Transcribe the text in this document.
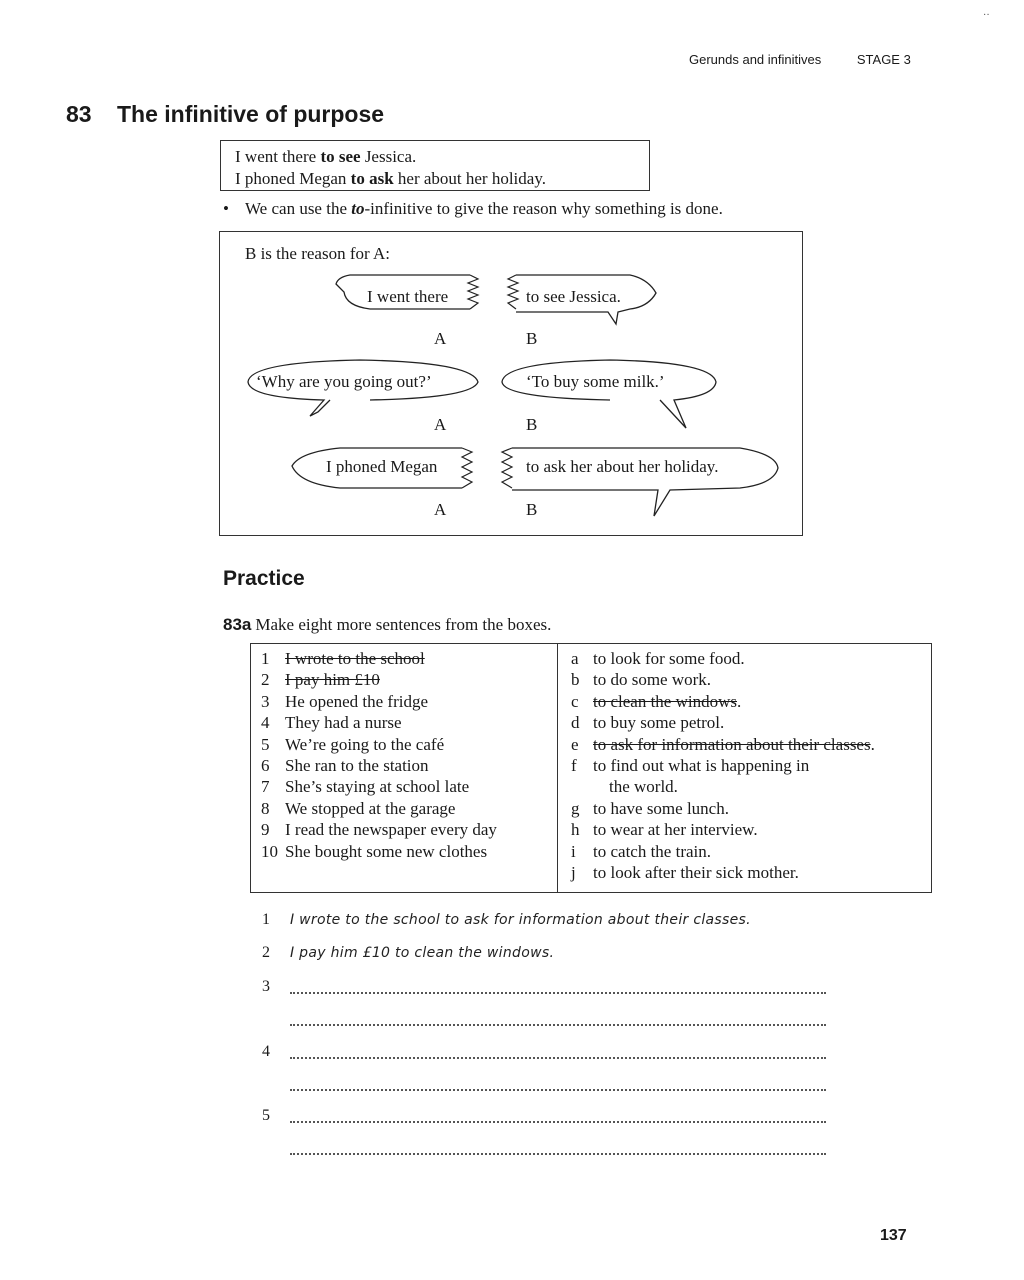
Gerunds and infinitives	STAGE 3
··
83 The infinitive of purpose
I went there to see Jessica.
I phoned Megan to ask her about her holiday.
• We can use the to-infinitive to give the reason why something is done.
B is the reason for A:
I went there	to see Jessica.
A	B
‘Why are you going out?’	‘To buy some milk.’
A	B
I phoned Megan	to ask her about her holiday.
A	B
Practice
83a Make eight more sentences from the boxes.
1 I wrote to the school
2 I pay him £10
3 He opened the fridge
4 They had a nurse
5 We’re going to the café
6 She ran to the station
7 She’s staying at school late
8 We stopped at the garage
9 I read the newspaper every day
10 She bought some new clothes
a to look for some food.
b to do some work.
c to clean the windows.
d to buy some petrol.
e to ask for information about their classes.
f to find out what is happening in
the world.
g to have some lunch.
h to wear at her interview.
i to catch the train.
j to look after their sick mother.
1 I wrote to the school to ask for information about their classes.
2 I pay him £10 to clean the windows.
3
4
5
137
